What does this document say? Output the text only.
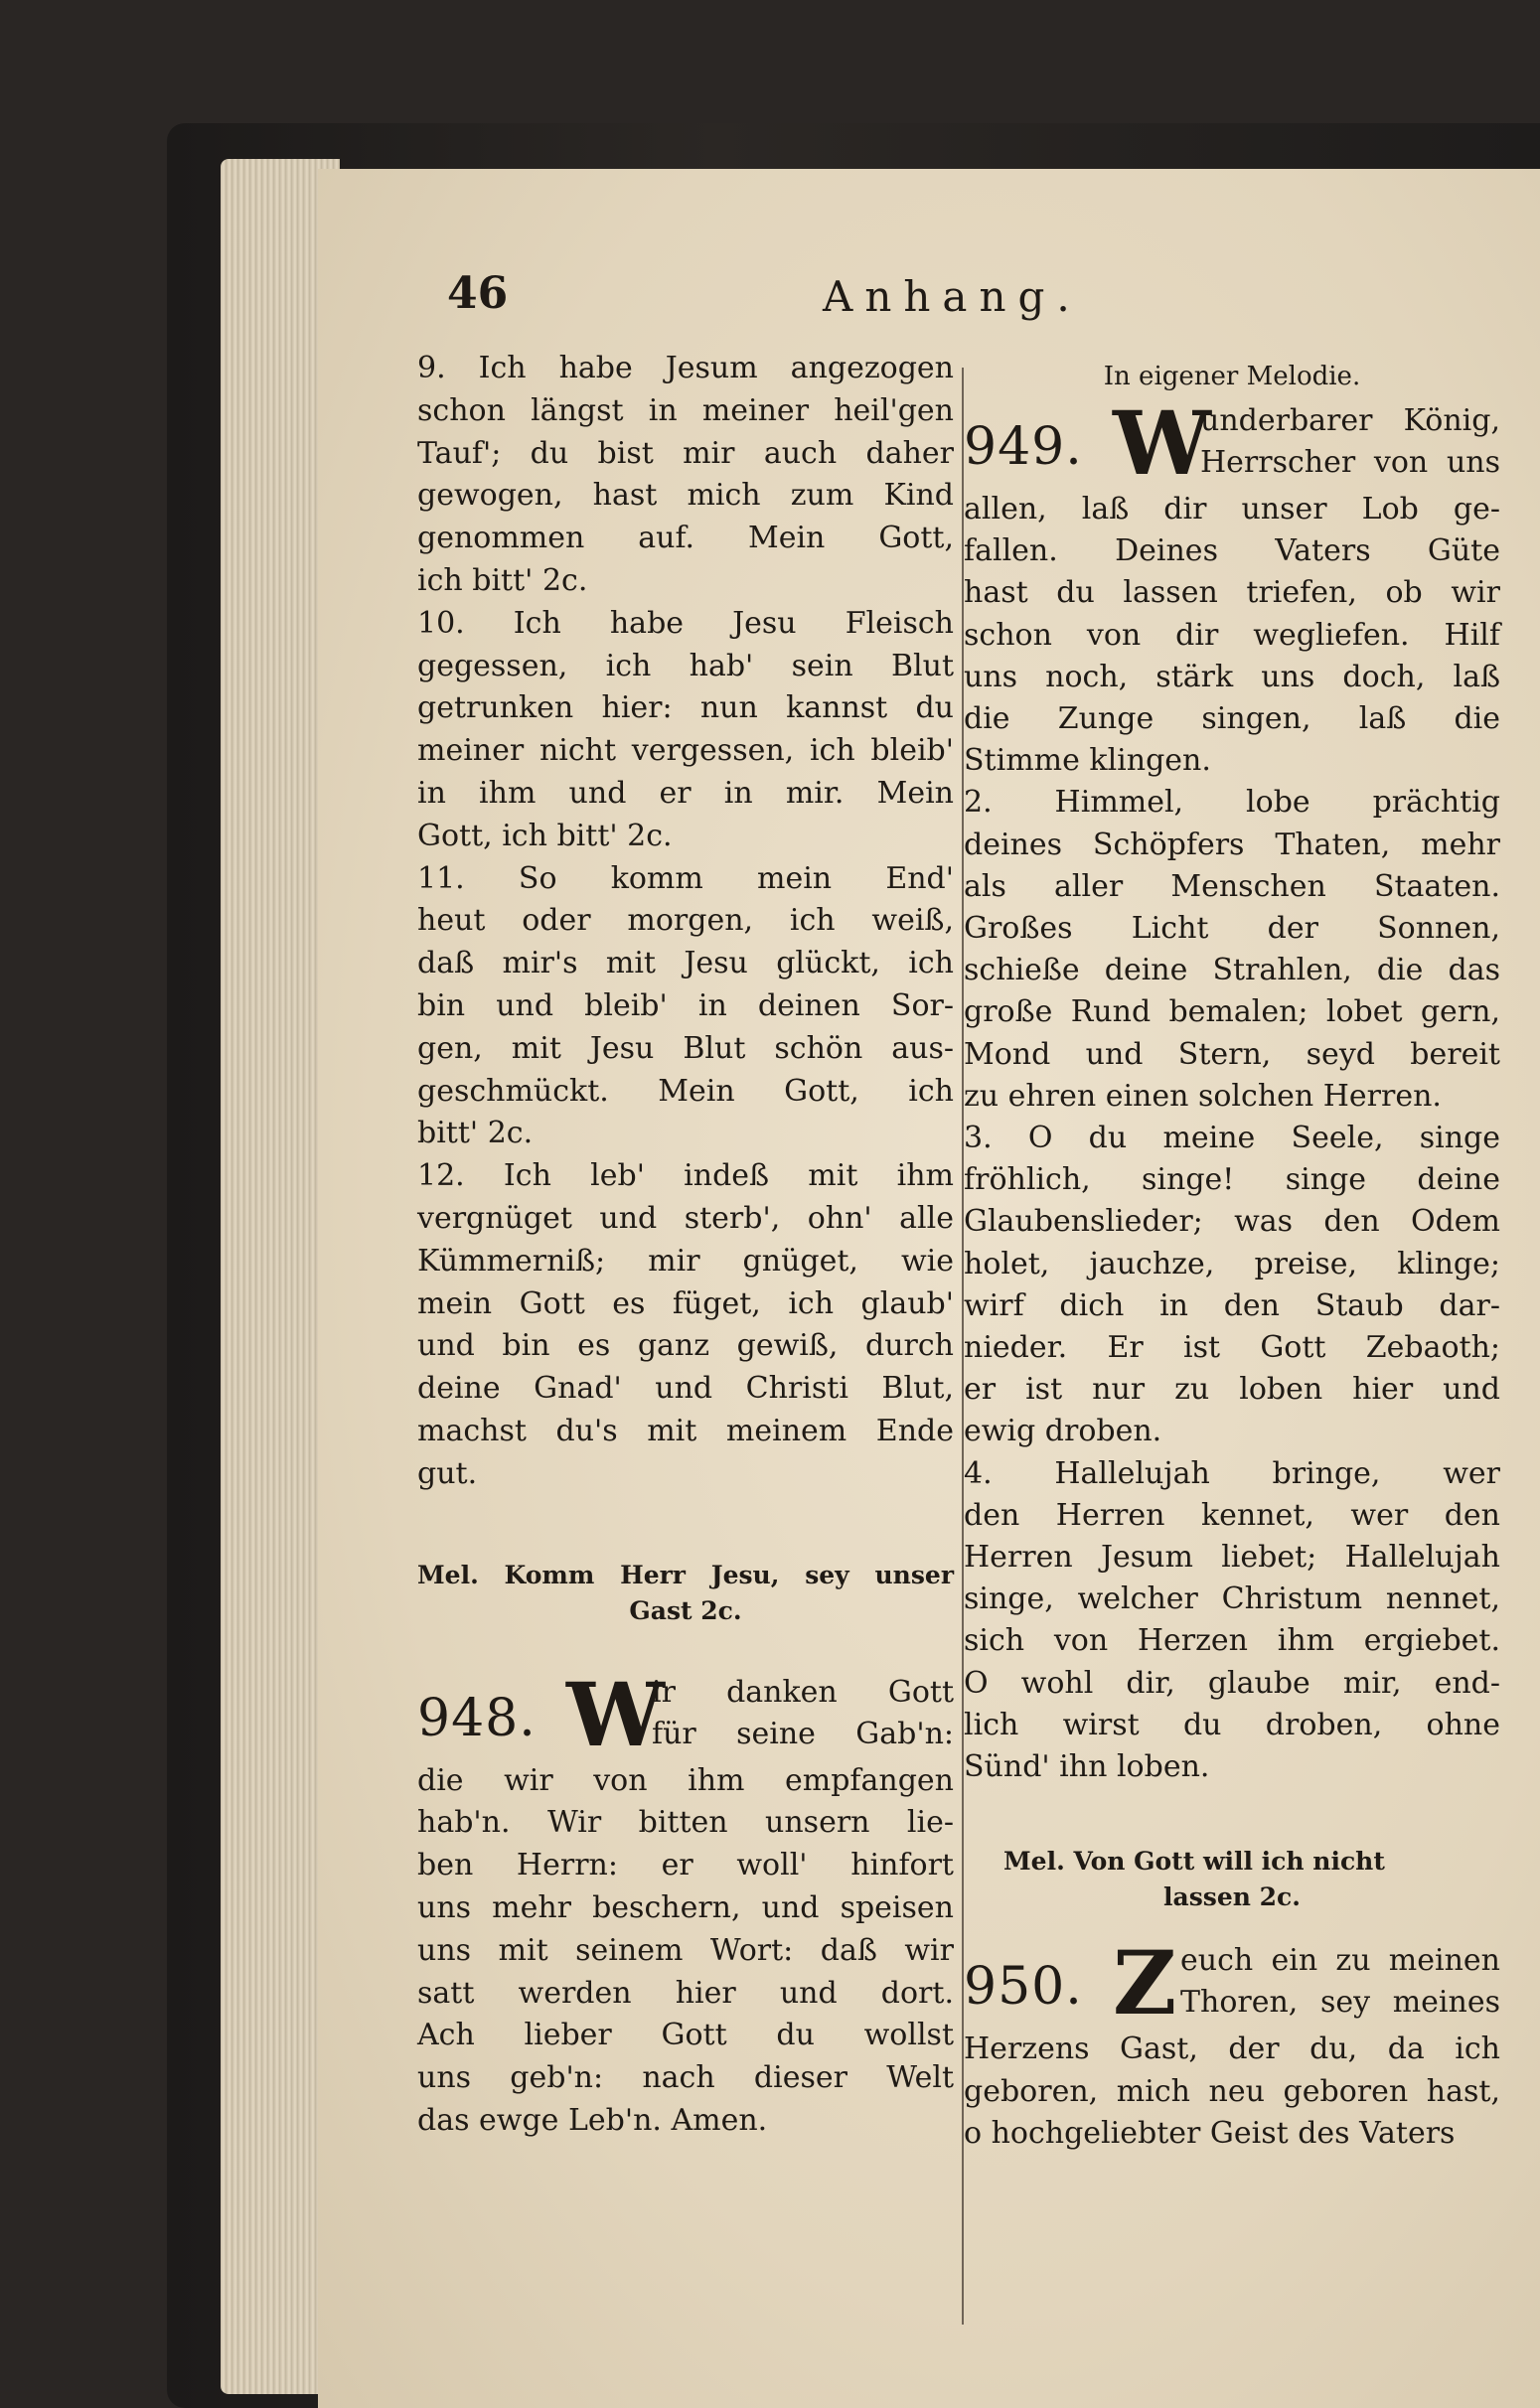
46	Anhang.
9. Ich habe Jesum angezogen
schon längst in meiner heil'gen
Tauf'; du bist mir auch daher
gewogen, hast mich zum Kind
genommen auf. Mein Gott,
ich bitt' 2c.
10. Ich habe Jesu Fleisch
gegessen, ich hab' sein Blut
getrunken hier: nun kannst du
meiner nicht vergessen, ich bleib'
in ihm und er in mir. Mein
Gott, ich bitt' 2c.
11. So komm mein End'
heut oder morgen, ich weiß,
daß mir's mit Jesu glückt, ich
bin und bleib' in deinen Sor-
gen, mit Jesu Blut schön aus-
geschmückt. Mein Gott, ich
bitt' 2c.
12. Ich leb' indeß mit ihm
vergnüget und sterb', ohn' alle
Kümmerniß; mir gnüget, wie
mein Gott es füget, ich glaub'
und bin es ganz gewiß, durch
deine Gnad' und Christi Blut,
machst du's mit meinem Ende
gut.
Mel. Komm Herr Jesu, sey unser
Gast 2c.
948. W
ir danken Gott
für seine Gab'n:
die wir von ihm empfangen
hab'n. Wir bitten unsern lie-
ben Herrn: er woll' hinfort
uns mehr beschern, und speisen
uns mit seinem Wort: daß wir
satt werden hier und dort.
Ach lieber Gott du wollst
uns geb'n: nach dieser Welt
das ewge Leb'n. Amen.
In eigener Melodie.
949. W
underbarer König,
Herrscher von uns
allen, laß dir unser Lob ge-
fallen. Deines Vaters Güte
hast du lassen triefen, ob wir
schon von dir wegliefen. Hilf
uns noch, stärk uns doch, laß
die Zunge singen, laß die
Stimme klingen.
2. Himmel, lobe prächtig
deines Schöpfers Thaten, mehr
als aller Menschen Staaten.
Großes Licht der Sonnen,
schieße deine Strahlen, die das
große Rund bemalen; lobet gern,
Mond und Stern, seyd bereit
zu ehren einen solchen Herren.
3. O du meine Seele, singe
fröhlich, singe! singe deine
Glaubenslieder; was den Odem
holet, jauchze, preise, klinge;
wirf dich in den Staub dar-
nieder. Er ist Gott Zebaoth;
er ist nur zu loben hier und
ewig droben.
4. Hallelujah bringe, wer
den Herren kennet, wer den
Herren Jesum liebet; Hallelujah
singe, welcher Christum nennet,
sich von Herzen ihm ergiebet.
O wohl dir, glaube mir, end-
lich wirst du droben, ohne
Sünd' ihn loben.
Mel. Von Gott will ich nicht
lassen 2c.
950. Z euch ein zu meinen
Thoren, sey meines
Herzens Gast, der du, da ich
geboren, mich neu geboren hast,
o hochgeliebter Geist des Vaters
